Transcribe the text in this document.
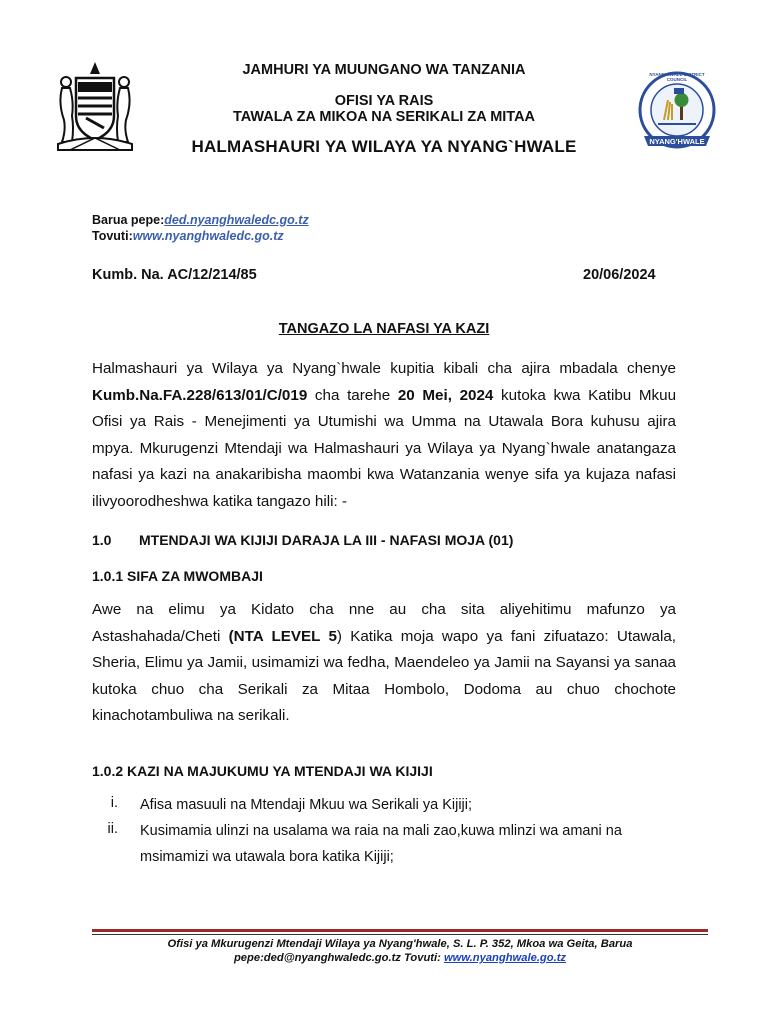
NYANG'HWALE
NYANG'HWALE DISTRICT COUNCIL
JAMHURI YA MUUNGANO WA TANZANIA
OFISI YA RAIS
TAWALA ZA MIKOA NA SERIKALI ZA MITAA
HALMASHAURI YA WILAYA YA NYANG`HWALE
Barua pepe:ded.nyanghwaledc.go.tz
Tovuti:www.nyanghwaledc.go.tz
Kumb. Na. AC/12/214/85	20/06/2024
TANGAZO LA NAFASI YA KAZI
Halmashauri ya Wilaya ya Nyang`hwale kupitia kibali cha ajira mbadala chenye Kumb.Na.FA.228/613/01/C/019 cha tarehe 20 Mei, 2024 kutoka kwa Katibu Mkuu Ofisi ya Rais - Menejimenti ya Utumishi wa Umma na Utawala Bora kuhusu ajira mpya. Mkurugenzi Mtendaji wa Halmashauri ya Wilaya ya Nyang`hwale anatangaza nafasi ya kazi na anakaribisha maombi kwa Watanzania wenye sifa ya kujaza nafasi ilivyoorodheshwa katika tangazo hili: -
1.0 MTENDAJI WA KIJIJI DARAJA LA III - NAFASI MOJA (01)
1.0.1 SIFA ZA MWOMBAJI
Awe na elimu ya Kidato cha nne au cha sita aliyehitimu mafunzo ya Astashahada/Cheti (NTA LEVEL 5) Katika moja wapo ya fani zifuatazo: Utawala, Sheria, Elimu ya Jamii, usimamizi wa fedha, Maendeleo ya Jamii na Sayansi ya sanaa kutoka chuo cha Serikali za Mitaa Hombolo, Dodoma au chuo chochote kinachotambuliwa na serikali.
1.0.2 KAZI NA MAJUKUMU YA MTENDAJI WA KIJIJI
i. Afisa masuuli na Mtendaji Mkuu wa Serikali ya Kijiji;
ii. Kusimamia ulinzi na usalama wa raia na mali zao,kuwa mlinzi wa amani na msimamizi wa utawala bora katika Kijiji;
Ofisi ya Mkurugenzi Mtendaji Wilaya ya Nyang'hwale, S. L. P. 352, Mkoa wa Geita, Barua
pepe:ded@nyanghwaledc.go.tz Tovuti: www.nyanghwale.go.tz
